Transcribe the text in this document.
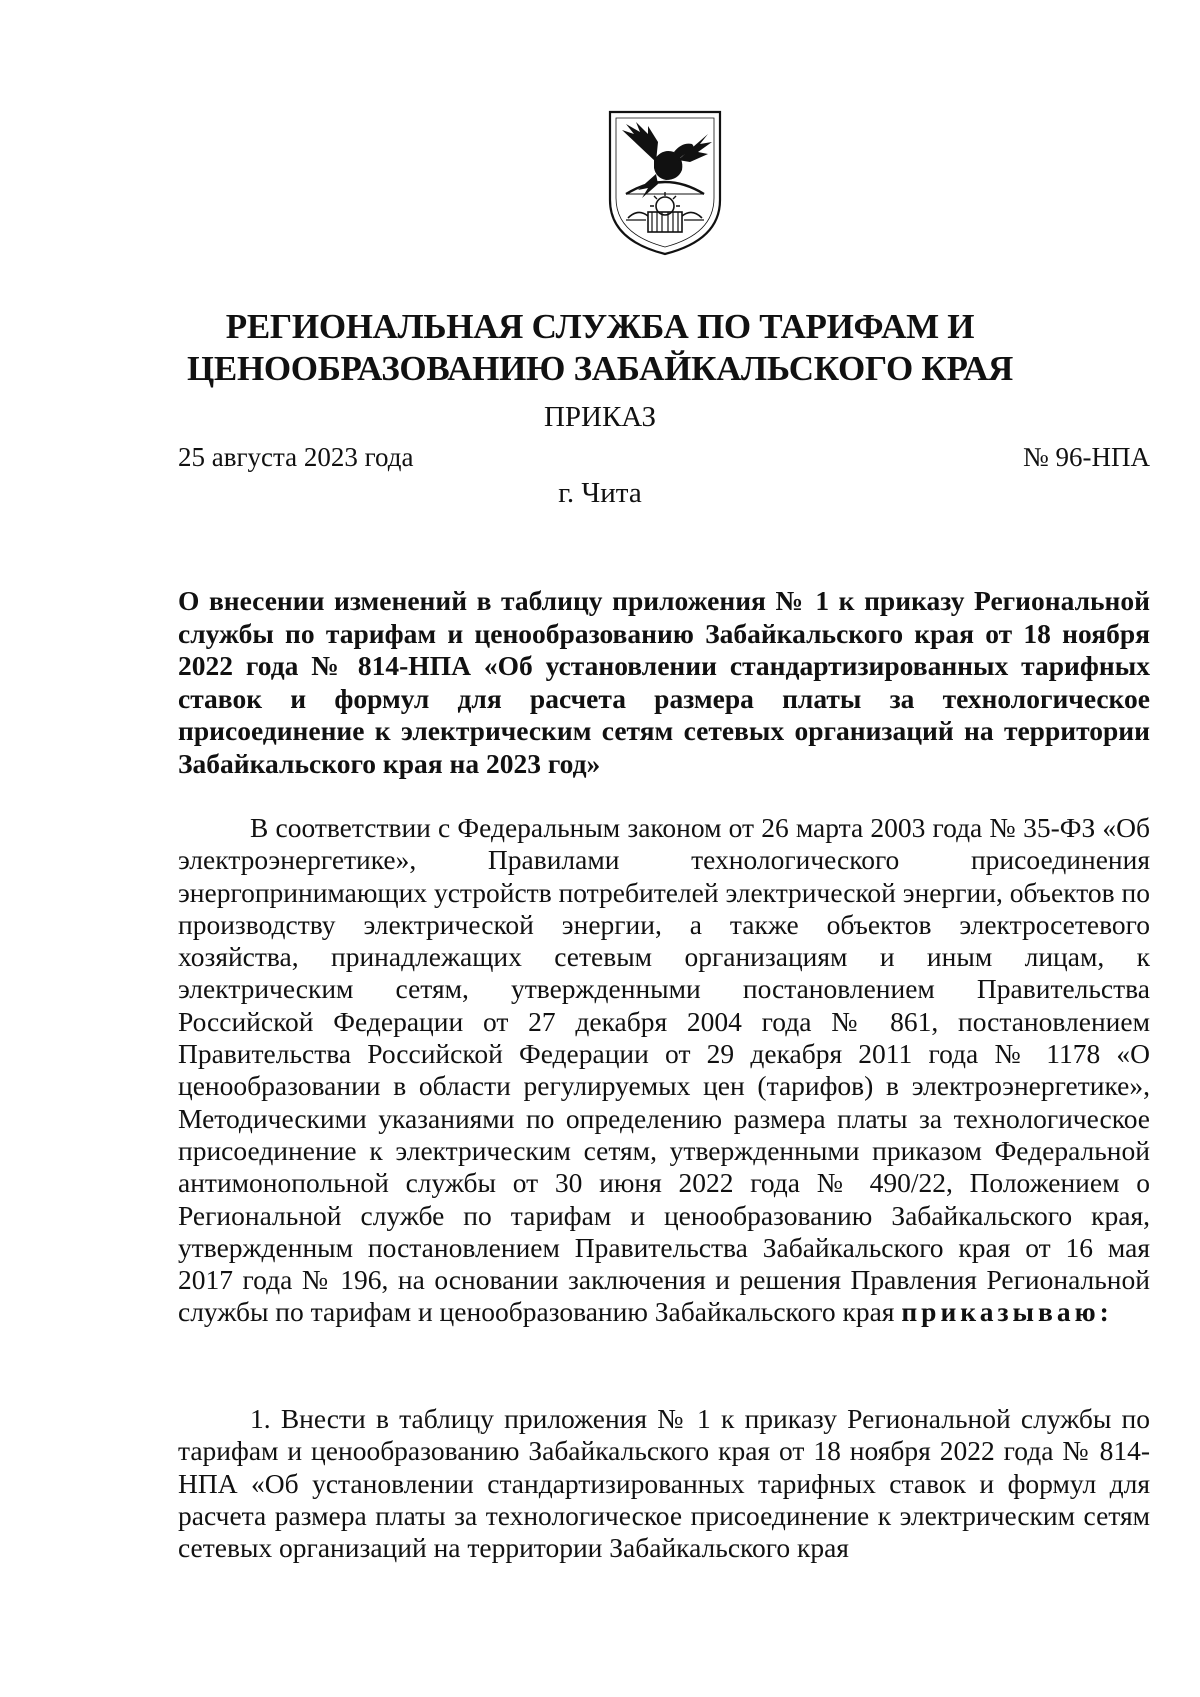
РЕГИОНАЛЬНАЯ СЛУЖБА ПО ТАРИФАМ И
ЦЕНООБРАЗОВАНИЮ ЗАБАЙКАЛЬСКОГО КРАЯ
ПРИКАЗ
25 августа 2023 года	№ 96-НПА
г. Чита

О внесении изменений в таблицу приложения № 1 к приказу Региональной службы по тарифам и ценообразованию Забайкальского края от 18 ноября 2022 года № 814-НПА «Об установлении стандартизированных тарифных ставок и формул для расчета размера платы за технологическое присоединение к электрическим сетям сетевых организаций на территории Забайкальского края на 2023 год»

В соответствии с Федеральным законом от 26 марта 2003 года № 35-ФЗ «Об электроэнергетике», Правилами технологического присоединения энергопринимающих устройств потребителей электрической энергии, объектов по производству электрической энергии, а также объектов электросетевого хозяйства, принадлежащих сетевым организациям и иным лицам, к электрическим сетям, утвержденными постановлением Правительства Российской Федерации от 27 декабря 2004 года № 861, постановлением Правительства Российской Федерации от 29 декабря 2011 года № 1178 «О ценообразовании в области регулируемых цен (тарифов) в электроэнергетике», Методическими указаниями по определению размера платы за технологическое присоединение к электрическим сетям, утвержденными приказом Федеральной антимонопольной службы от 30 июня 2022 года № 490/22, Положением о Региональной службе по тарифам и ценообразованию Забайкальского края, утвержденным постановлением Правительства Забайкальского края от 16 мая 2017 года № 196, на основании заключения и решения Правления Региональной службы по тарифам и ценообразованию Забайкальского края приказываю:

1. Внести в таблицу приложения № 1 к приказу Региональной службы по тарифам и ценообразованию Забайкальского края от 18 ноября 2022 года № 814-НПА «Об установлении стандартизированных тарифных ставок и формул для расчета размера платы за технологическое присоединение к электрическим сетям сетевых организаций на территории Забайкальского края
